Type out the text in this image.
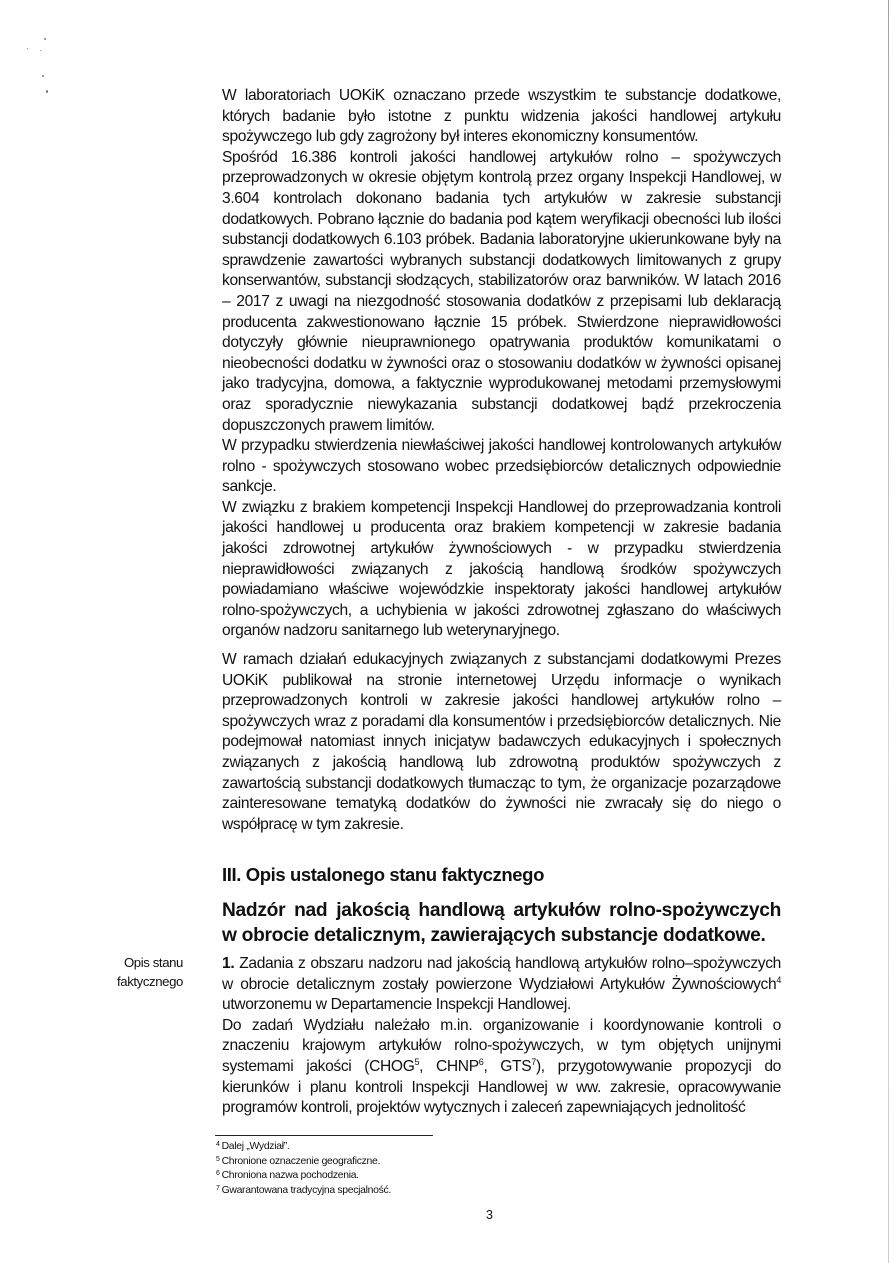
W laboratoriach UOKiK oznaczano przede wszystkim te substancje dodatkowe, których badanie było istotne z punktu widzenia jakości handlowej artykułu spożywczego lub gdy zagrożony był interes ekonomiczny konsumentów.

Spośród 16.386 kontroli jakości handlowej artykułów rolno – spożywczych przeprowadzonych w okresie objętym kontrolą przez organy Inspekcji Handlowej, w 3.604 kontrolach dokonano badania tych artykułów w zakresie substancji dodatkowych. Pobrano łącznie do badania pod kątem weryfikacji obecności lub ilości substancji dodatkowych 6.103 próbek. Badania laboratoryjne ukierunkowane były na sprawdzenie zawartości wybranych substancji dodatkowych limitowanych z grupy konserwantów, substancji słodzących, stabilizatorów oraz barwników. W latach 2016 – 2017 z uwagi na niezgodność stosowania dodatków z przepisami lub deklaracją producenta zakwestionowano łącznie 15 próbek. Stwierdzone nieprawidłowości dotyczyły głównie nieuprawnionego opatrywania produktów komunikatami o nieobecności dodatku w żywności oraz o stosowaniu dodatków w żywności opisanej jako tradycyjna, domowa, a faktycznie wyprodukowanej metodami przemysłowymi oraz sporadycznie niewykazania substancji dodatkowej bądź przekroczenia dopuszczonych prawem limitów.

W przypadku stwierdzenia niewłaściwej jakości handlowej kontrolowanych artykułów rolno - spożywczych stosowano wobec przedsiębiorców detalicznych odpowiednie sankcje.

W związku z brakiem kompetencji Inspekcji Handlowej do przeprowadzania kontroli jakości handlowej u producenta oraz brakiem kompetencji w zakresie badania jakości zdrowotnej artykułów żywnościowych - w przypadku stwierdzenia nieprawidłowości związanych z jakością handlową środków spożywczych powiadamiano właściwe wojewódzkie inspektoraty jakości handlowej artykułów rolno-spożywczych, a uchybienia w jakości zdrowotnej zgłaszano do właściwych organów nadzoru sanitarnego lub weterynaryjnego.

W ramach działań edukacyjnych związanych z substancjami dodatkowymi Prezes UOKiK publikował na stronie internetowej Urzędu informacje o wynikach przeprowadzonych kontroli w zakresie jakości handlowej artykułów rolno – spożywczych wraz z poradami dla konsumentów i przedsiębiorców detalicznych. Nie podejmował natomiast innych inicjatyw badawczych edukacyjnych i społecznych związanych z jakością handlową lub zdrowotną produktów spożywczych z zawartością substancji dodatkowych tłumacząc to tym, że organizacje pozarządowe zainteresowane tematyką dodatków do żywności nie zwracały się do niego o współpracę w tym zakresie.

III. Opis ustalonego stanu faktycznego
Nadzór nad jakością handlową artykułów rolno-spożywczych w obrocie detalicznym, zawierających substancje dodatkowe.
Opis stanu faktycznego

1. Zadania z obszaru nadzoru nad jakością handlową artykułów rolno–spożywczych w obrocie detalicznym zostały powierzone Wydziałowi Artykułów Żywnościowych$^4$ utworzonemu w Departamencie Inspekcji Handlowej.

Do zadań Wydziału należało m.in. organizowanie i koordynowanie kontroli o znaczeniu krajowym artykułów rolno-spożywczych, w tym objętych unijnymi systemami jakości (CHOG$^5$, CHNP$^6$, GTS$^7$), przygotowywanie propozycji do kierunków i planu kontroli Inspekcji Handlowej w ww. zakresie, opracowywanie programów kontroli, projektów wytycznych i zaleceń zapewniających jednolitość

$^4$ Dalej „Wydział”.
$^5$ Chronione oznaczenie geograficzne.
$^6$ Chroniona nazwa pochodzenia.
$^7$ Gwarantowana tradycyjna specjalność.
3
